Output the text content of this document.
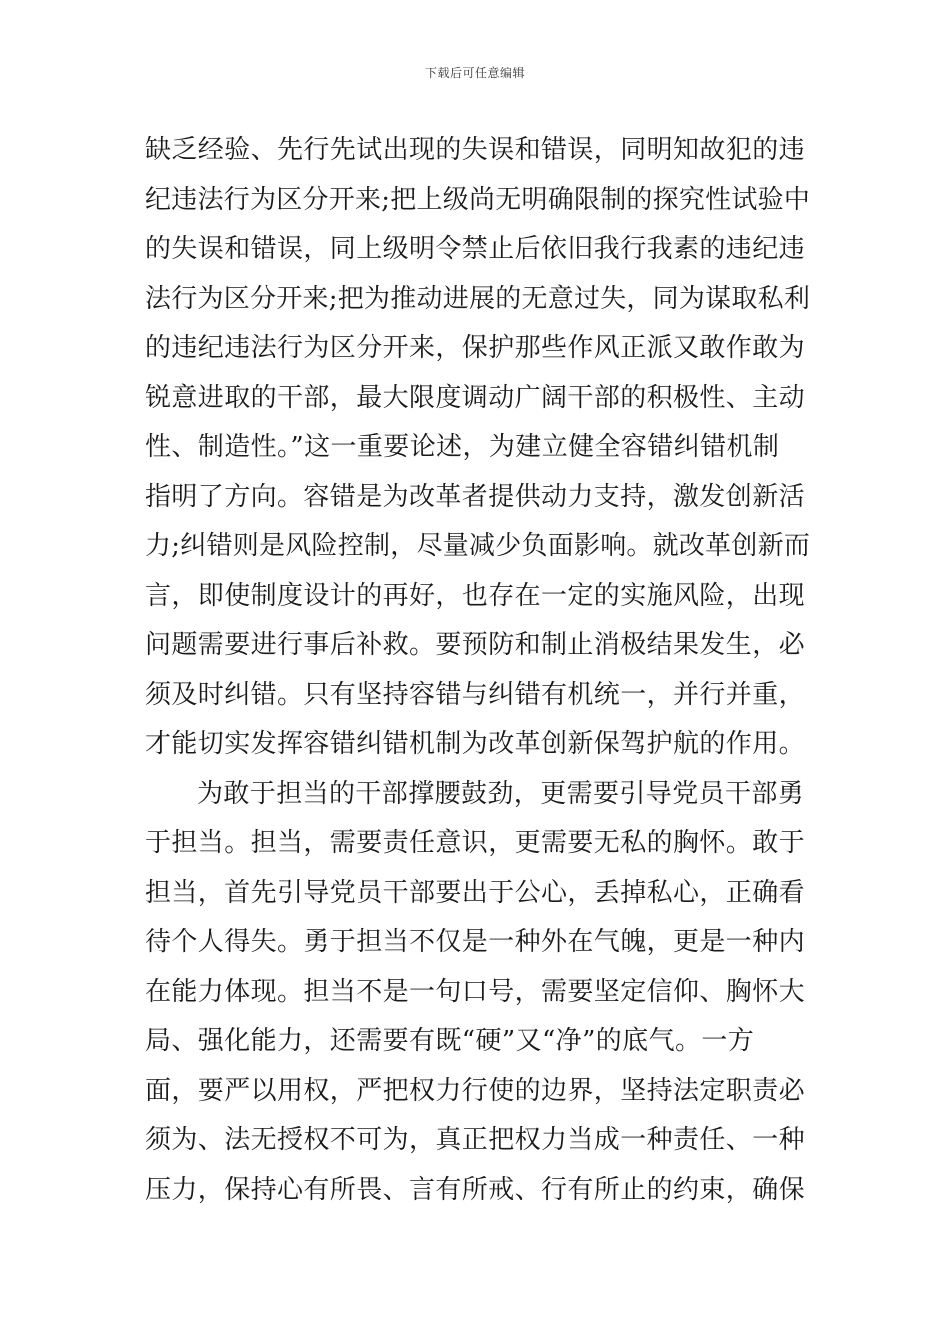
下载后可任意编辑
缺乏经验、先行先试出现的失误和错误，同明知故犯的违
纪违法行为区分开来;把上级尚无明确限制的探究性试验中
的失误和错误，同上级明令禁止后依旧我行我素的违纪违
法行为区分开来;把为推动进展的无意过失，同为谋取私利
的违纪违法行为区分开来，保护那些作风正派又敢作敢为
锐意进取的干部，最大限度调动广阔干部的积极性、主动
性、制造性。”这一重要论述，为建立健全容错纠错机制
指明了方向。容错是为改革者提供动力支持，激发创新活
力;纠错则是风险控制，尽量减少负面影响。就改革创新而
言，即使制度设计的再好，也存在一定的实施风险，出现
问题需要进行事后补救。要预防和制止消极结果发生，必
须及时纠错。只有坚持容错与纠错有机统一，并行并重，
才能切实发挥容错纠错机制为改革创新保驾护航的作用。
为敢于担当的干部撑腰鼓劲，更需要引导党员干部勇
于担当。担当，需要责任意识，更需要无私的胸怀。敢于
担当，首先引导党员干部要出于公心，丢掉私心，正确看
待个人得失。勇于担当不仅是一种外在气魄，更是一种内
在能力体现。担当不是一句口号，需要坚定信仰、胸怀大
局、强化能力，还需要有既“硬”又“净”的底气。一方
面，要严以用权，严把权力行使的边界，坚持法定职责必
须为、法无授权不可为，真正把权力当成一种责任、一种
压力，保持心有所畏、言有所戒、行有所止的约束，确保
